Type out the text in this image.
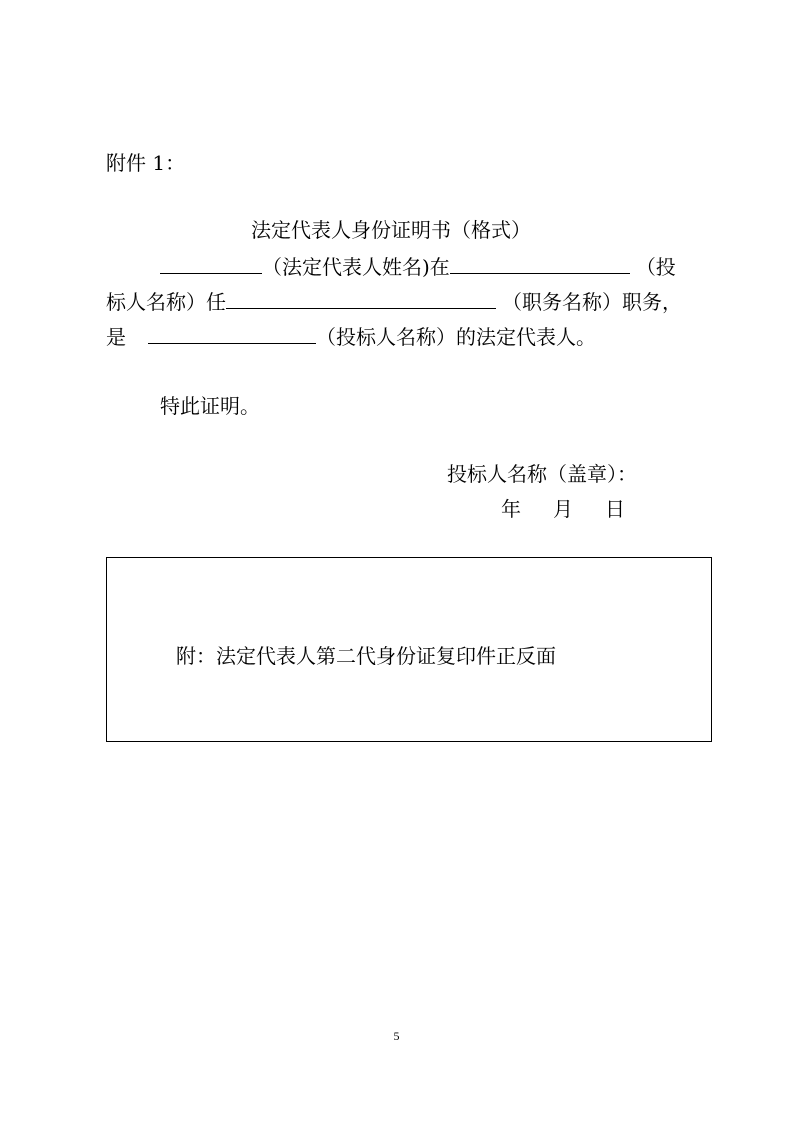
附件 1：
法定代表人身份证明书（格式）
（法定代表人姓名)在	（投
标人名称）任	（职务名称）职务，
是	（投标人名称）的法定代表人。
特此证明。
投标人名称（盖章）：
年 月 日
附：法定代表人第二代身份证复印件正反面
5
